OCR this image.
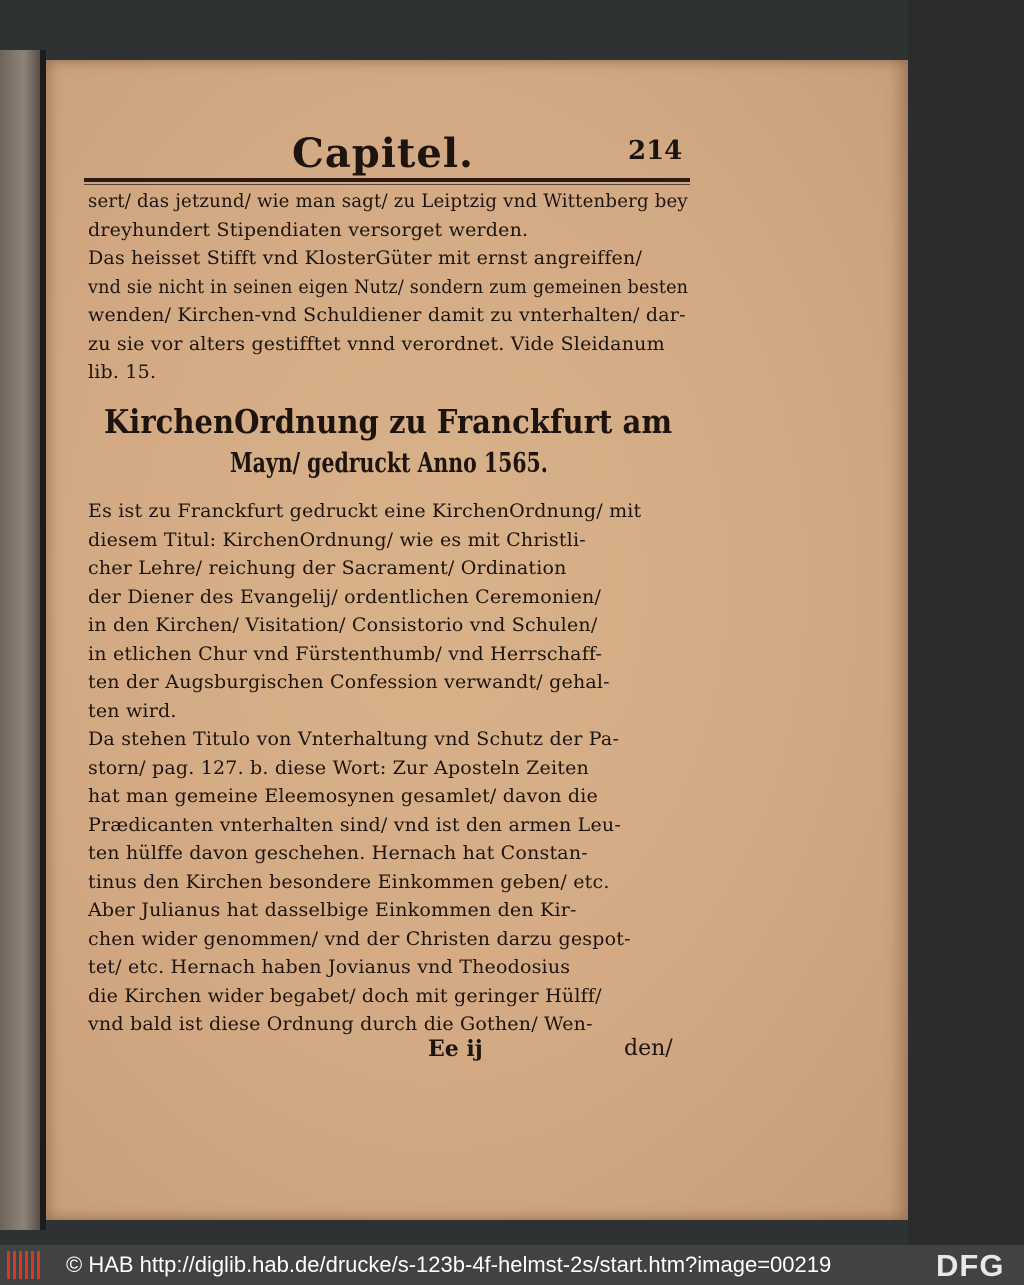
Capitel.	214
sert/ das jetzund/ wie man sagt/ zu Leiptzig vnd Wittenberg bey
dreyhundert Stipendiaten versorget werden.
Das heisset Stifft vnd KlosterGüter mit ernst angreiffen/
vnd sie nicht in seinen eigen Nutz/ sondern zum gemeinen besten
wenden/ Kirchen-vnd Schuldiener damit zu vnterhalten/ dar-
zu sie vor alters gestifftet vnnd verordnet. Vide Sleidanum
lib. 15.
KirchenOrdnung zu Franckfurt am
Mayn/ gedruckt Anno 1565.
Es ist zu Franckfurt gedruckt eine KirchenOrdnung/ mit
diesem Titul: KirchenOrdnung/ wie es mit Christli-
cher Lehre/ reichung der Sacrament/ Ordination
der Diener des Evangelij/ ordentlichen Ceremonien/
in den Kirchen/ Visitation/ Consistorio vnd Schulen/
in etlichen Chur vnd Fürstenthumb/ vnd Herrschaff-
ten der Augsburgischen Confession verwandt/ gehal-
ten wird.
Da stehen Titulo von Vnterhaltung vnd Schutz der Pa-
storn/ pag. 127. b. diese Wort: Zur Aposteln Zeiten
hat man gemeine Eleemosynen gesamlet/ davon die
Prædicanten vnterhalten sind/ vnd ist den armen Leu-
ten hülffe davon geschehen. Hernach hat Constan-
tinus den Kirchen besondere Einkommen geben/ etc.
Aber Julianus hat dasselbige Einkommen den Kir-
chen wider genommen/ vnd der Christen darzu gespot-
tet/ etc. Hernach haben Jovianus vnd Theodosius
die Kirchen wider begabet/ doch mit geringer Hülff/
vnd bald ist diese Ordnung durch die Gothen/ Wen-
Ee ij	den/
© HAB http://diglib.hab.de/drucke/s-123b-4f-helmst-2s/start.htm?image=00219	DFG
